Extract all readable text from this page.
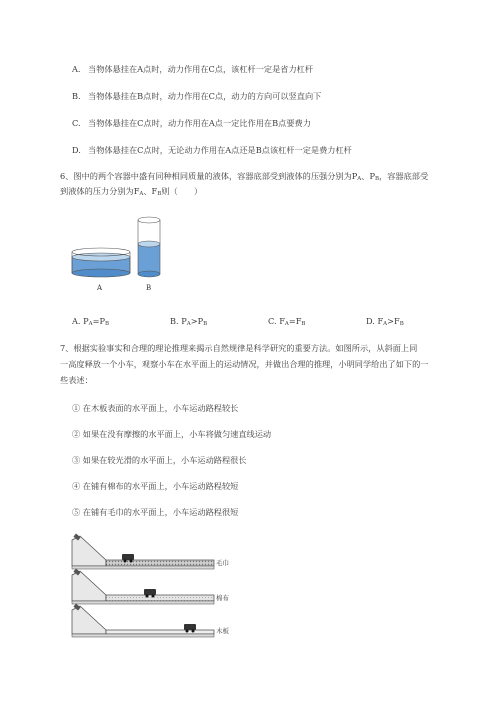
A. 当物体悬挂在A点时，动力作用在C点，该杠杆一定是省力杠杆
B. 当物体悬挂在B点时，动力作用在C点，动力的方向可以竖直向下
C. 当物体悬挂在C点时，动力作用在A点一定比作用在B点要费力
D. 当物体悬挂在C点时，无论动力作用在A点还是B点该杠杆一定是费力杠杆
6、图中的两个容器中盛有同种相同质量的液体，容器底部受到液体的压强分别为PA、PB，容器底部受
到液体的压力分别为FA、FB则（　　）
A	B
A. PA=PB	B. PA>PB	C. FA=FB	D. FA>FB
7、根据实验事实和合理的理论推理来揭示自然规律是科学研究的重要方法。如图所示，从斜面上同
一高度释放一个小车，观察小车在水平面上的运动情况，并做出合理的推理，小明同学给出了如下的一
些表述：
① 在木板表面的水平面上，小车运动路程较长
② 如果在没有摩擦的水平面上，小车将做匀速直线运动
③ 如果在较光滑的水平面上，小车运动路程很长
④ 在铺有棉布的水平面上，小车运动路程较短
⑤ 在铺有毛巾的水平面上，小车运动路程很短
毛巾
棉布
木板
